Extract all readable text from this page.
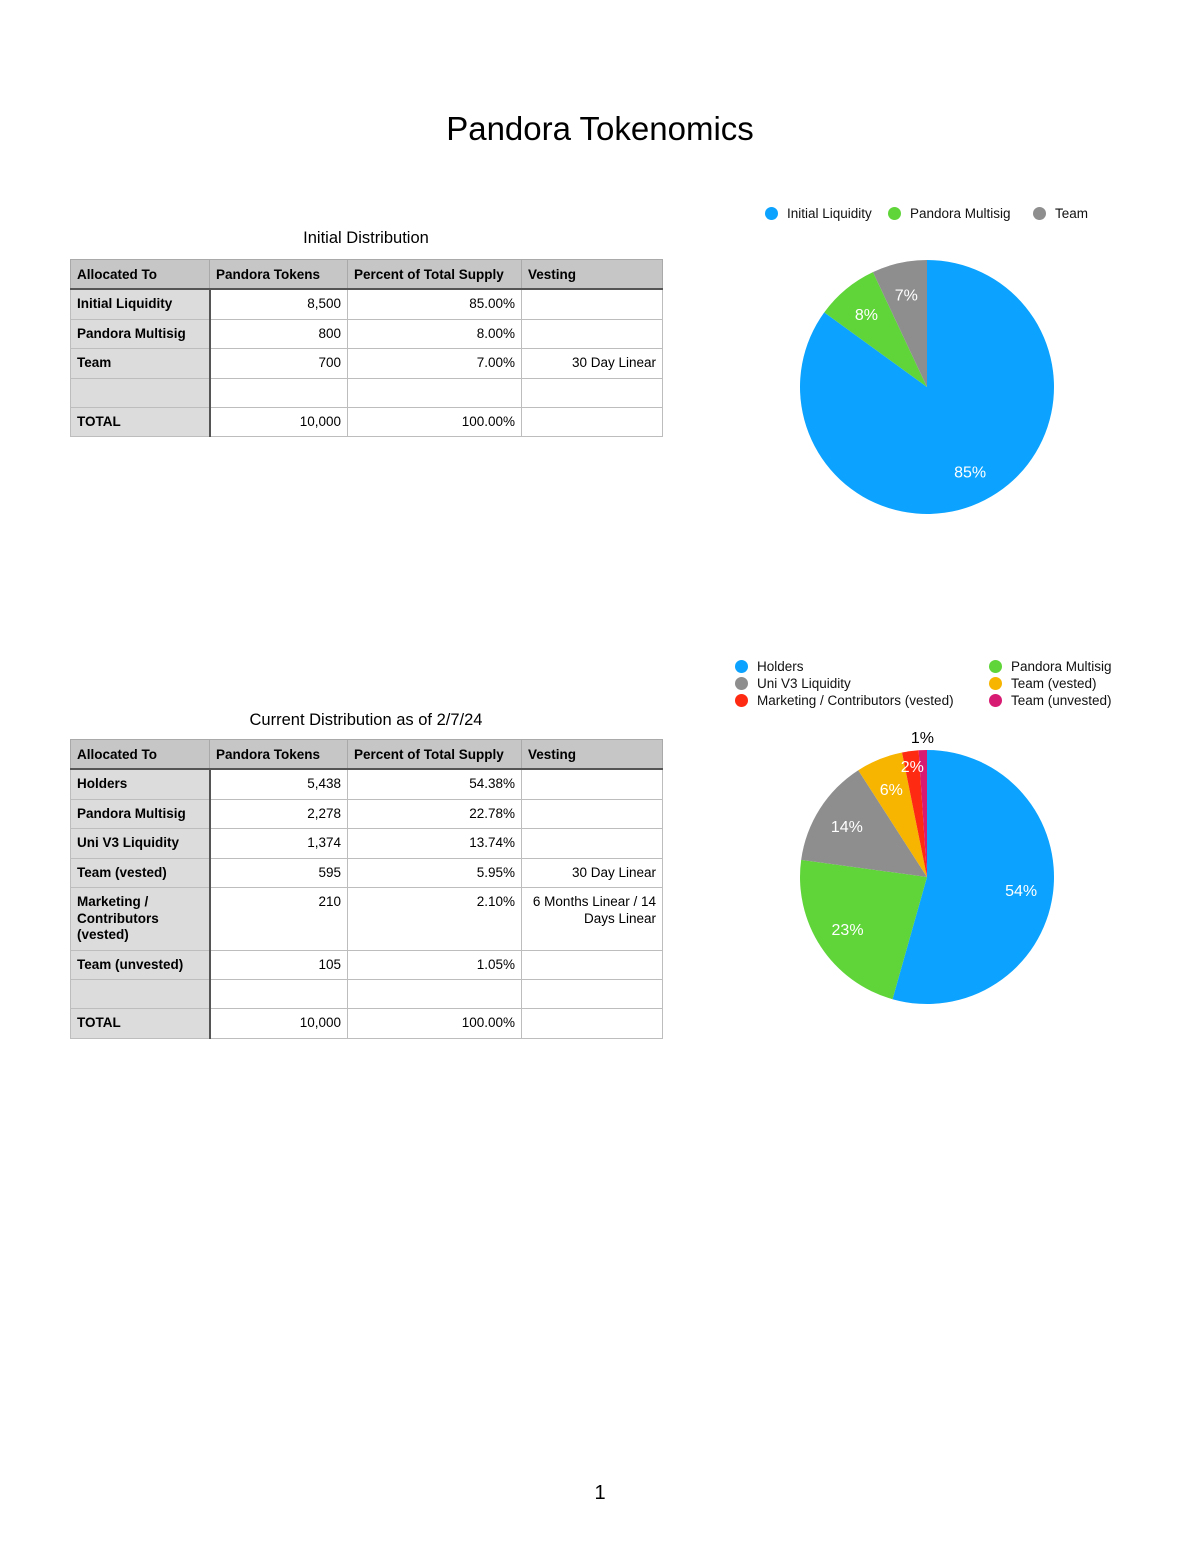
Pandora Tokenomics
Initial Distribution
Allocated To	Pandora Tokens	Percent of Total Supply	Vesting
Initial Liquidity	8,500	85.00%	
Pandora Multisig	800	8.00%	
Team	700	7.00%	30 Day Linear

TOTAL	10,000	100.00%	
Current Distribution as of 2/7/24
Allocated To	Pandora Tokens	Percent of Total Supply	Vesting
Holders	5,438	54.38%	
Pandora Multisig	2,278	22.78%	
Uni V3 Liquidity	1,374	13.74%	
Team (vested)	595	5.95%	30 Day Linear
Marketing / Contributors (vested)	210	2.10%	6 Months Linear / 14 Days Linear
Team (unvested)	105	1.05%	

TOTAL	10,000	100.00%	
Initial Liquidity	Pandora Multisig	Team
85%
8%
7%
Holders	Pandora Multisig
Uni V3 Liquidity	Team (vested)
Marketing / Contributors (vested)	Team (unvested)
54%
23%
14%
6%
2%
1%
1
